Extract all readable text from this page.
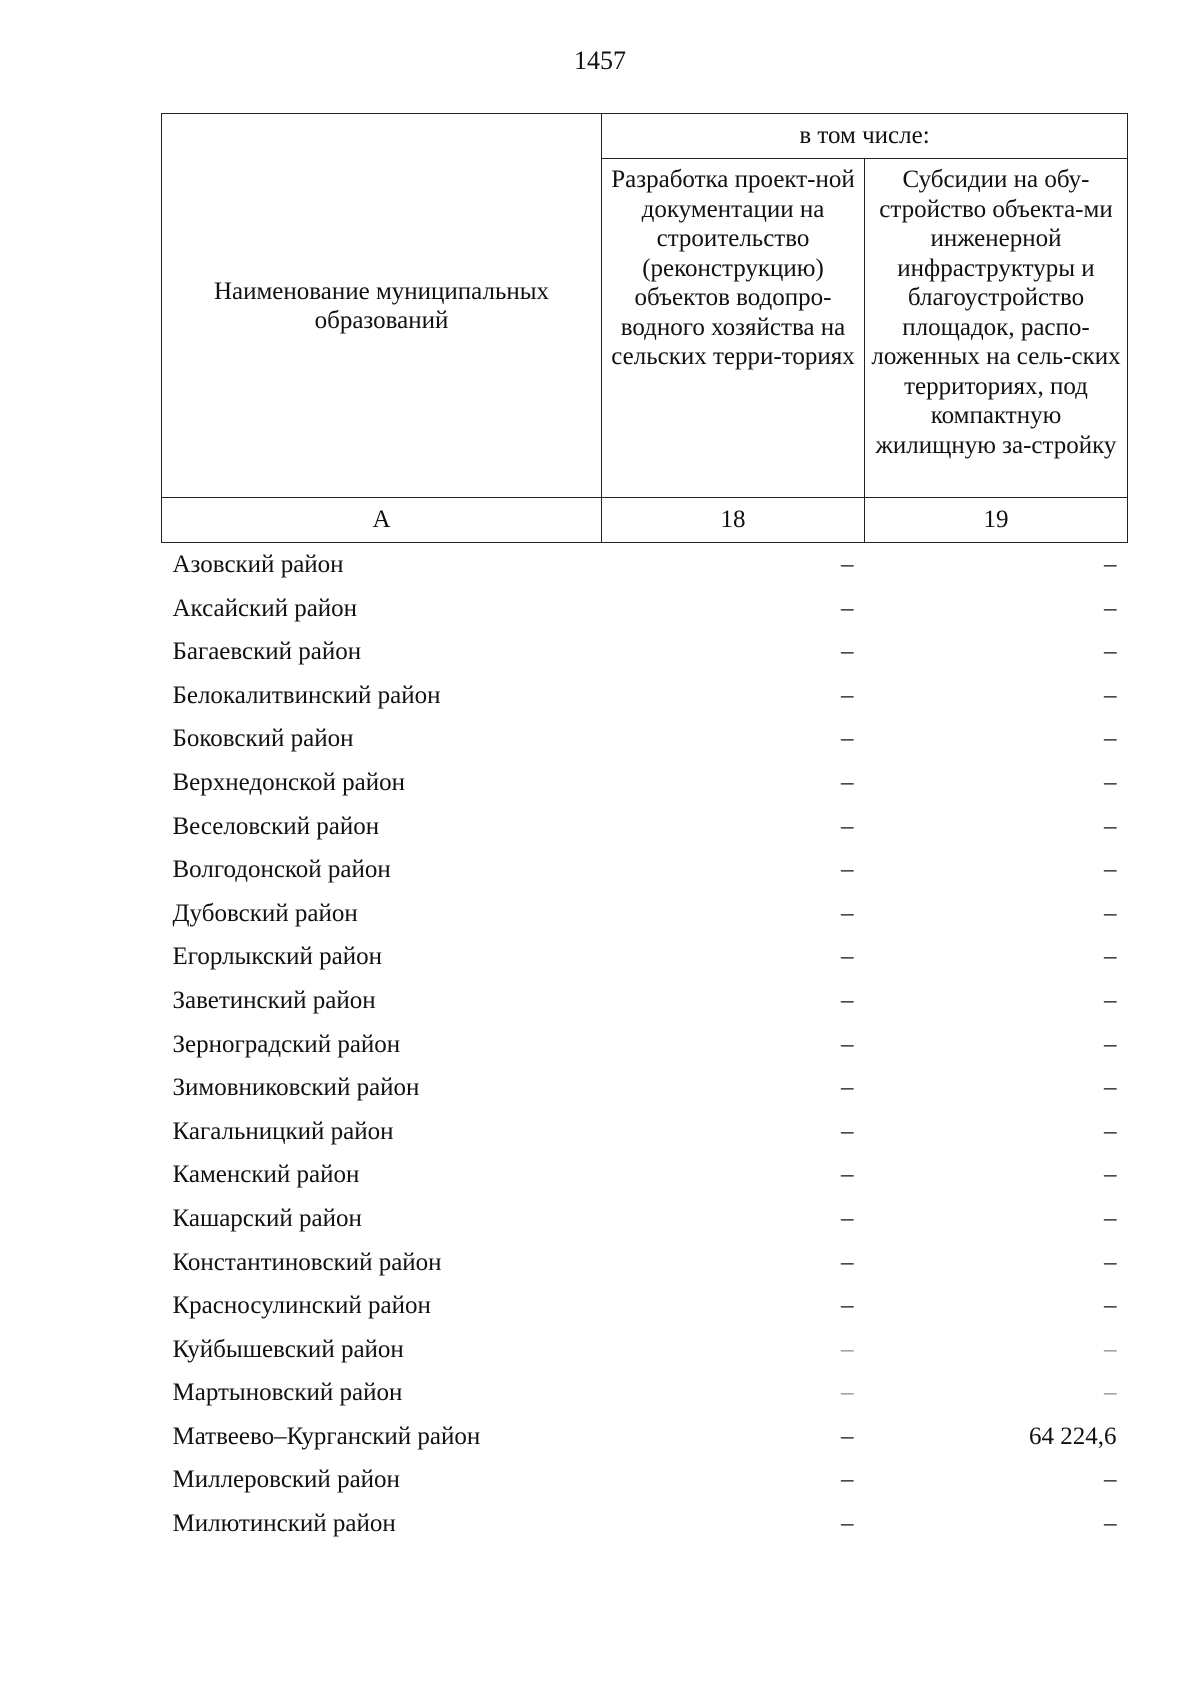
1457
Наименование муниципальных образований	в том числе:	
	Разработка проект-ной документации на строительство (реконструкцию) объектов водопро-водного хозяйства на сельских терри-ториях	Субсидии на обу-стройство объекта-ми инженерной инфраструктуры и благоустройство площадок, распо-ложенных на сель-ских территориях, под компактную жилищную за-стройку
А	18	19
Азовский район	–	–
Аксайский район	–	–
Багаевский район	–	–
Белокалитвинский район	–	–
Боковский район	–	–
Верхнедонской район	–	–
Веселовский район	–	–
Волгодонской район	–	–
Дубовский район	–	–
Егорлыкский район	–	–
Заветинский район	–	–
Зерноградский район	–	–
Зимовниковский район	–	–
Кагальницкий район	–	–
Каменский район	–	–
Кашарский район	–	–
Константиновский район	–	–
Красносулинский район	–	–
Куйбышевский район	–	–
Мартыновский район	–	–
Матвеево–Курганский район	–	64 224,6
Миллеровский район	–	–
Милютинский район	–	–
